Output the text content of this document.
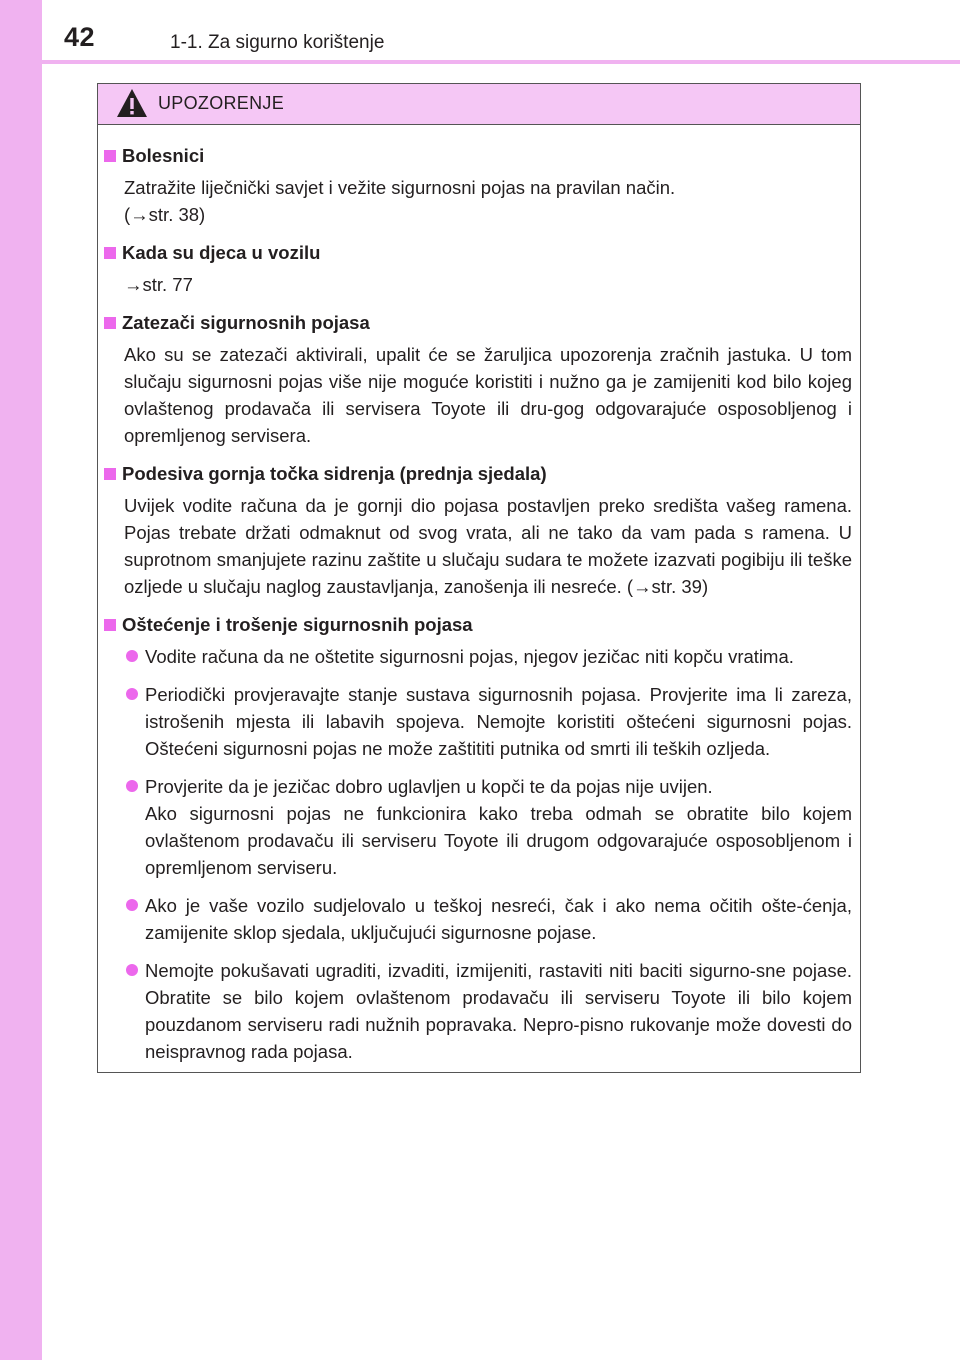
42	1-1. Za sigurno korištenje
UPOZORENJE
Bolesnici
Zatražite liječnički savjet i vežite sigurnosni pojas na pravilan način.
(→str. 38)
Kada su djeca u vozilu
→str. 77
Zatezači sigurnosnih pojasa
Ako su se zatezači aktivirali, upalit će se žaruljica upozorenja zračnih jastuka. U tom slučaju sigurnosni pojas više nije moguće koristiti i nužno ga je zamijeniti kod bilo kojeg ovlaštenog prodavača ili servisera Toyote ili dru-gog odgovarajuće osposobljenog i opremljenog servisera.
Podesiva gornja točka sidrenja (prednja sjedala)
Uvijek vodite računa da je gornji dio pojasa postavljen preko središta vašeg ramena. Pojas trebate držati odmaknut od svog vrata, ali ne tako da vam pada s ramena. U suprotnom smanjujete razinu zaštite u slučaju sudara te možete izazvati pogibiju ili teške ozljede u slučaju naglog zaustavljanja, zanošenja ili nesreće. (→str. 39)
Oštećenje i trošenje sigurnosnih pojasa
Vodite računa da ne oštetite sigurnosni pojas, njegov jezičac niti kopču vratima.
Periodički provjeravajte stanje sustava sigurnosnih pojasa. Provjerite ima li zareza, istrošenih mjesta ili labavih spojeva. Nemojte koristiti oštećeni sigurnosni pojas. Oštećeni sigurnosni pojas ne može zaštititi putnika od smrti ili teških ozljeda.
Provjerite da je jezičac dobro uglavljen u kopči te da pojas nije uvijen.
Ako sigurnosni pojas ne funkcionira kako treba odmah se obratite bilo kojem ovlaštenom prodavaču ili serviseru Toyote ili drugom odgovarajuće osposobljenom i opremljenom serviseru.
Ako je vaše vozilo sudjelovalo u teškoj nesreći, čak i ako nema očitih ošte-ćenja, zamijenite sklop sjedala, uključujući sigurnosne pojase.
Nemojte pokušavati ugraditi, izvaditi, izmijeniti, rastaviti niti baciti sigurno-sne pojase. Obratite se bilo kojem ovlaštenom prodavaču ili serviseru Toyote ili bilo kojem pouzdanom serviseru radi nužnih popravaka. Nepro-pisno rukovanje može dovesti do neispravnog rada pojasa.
